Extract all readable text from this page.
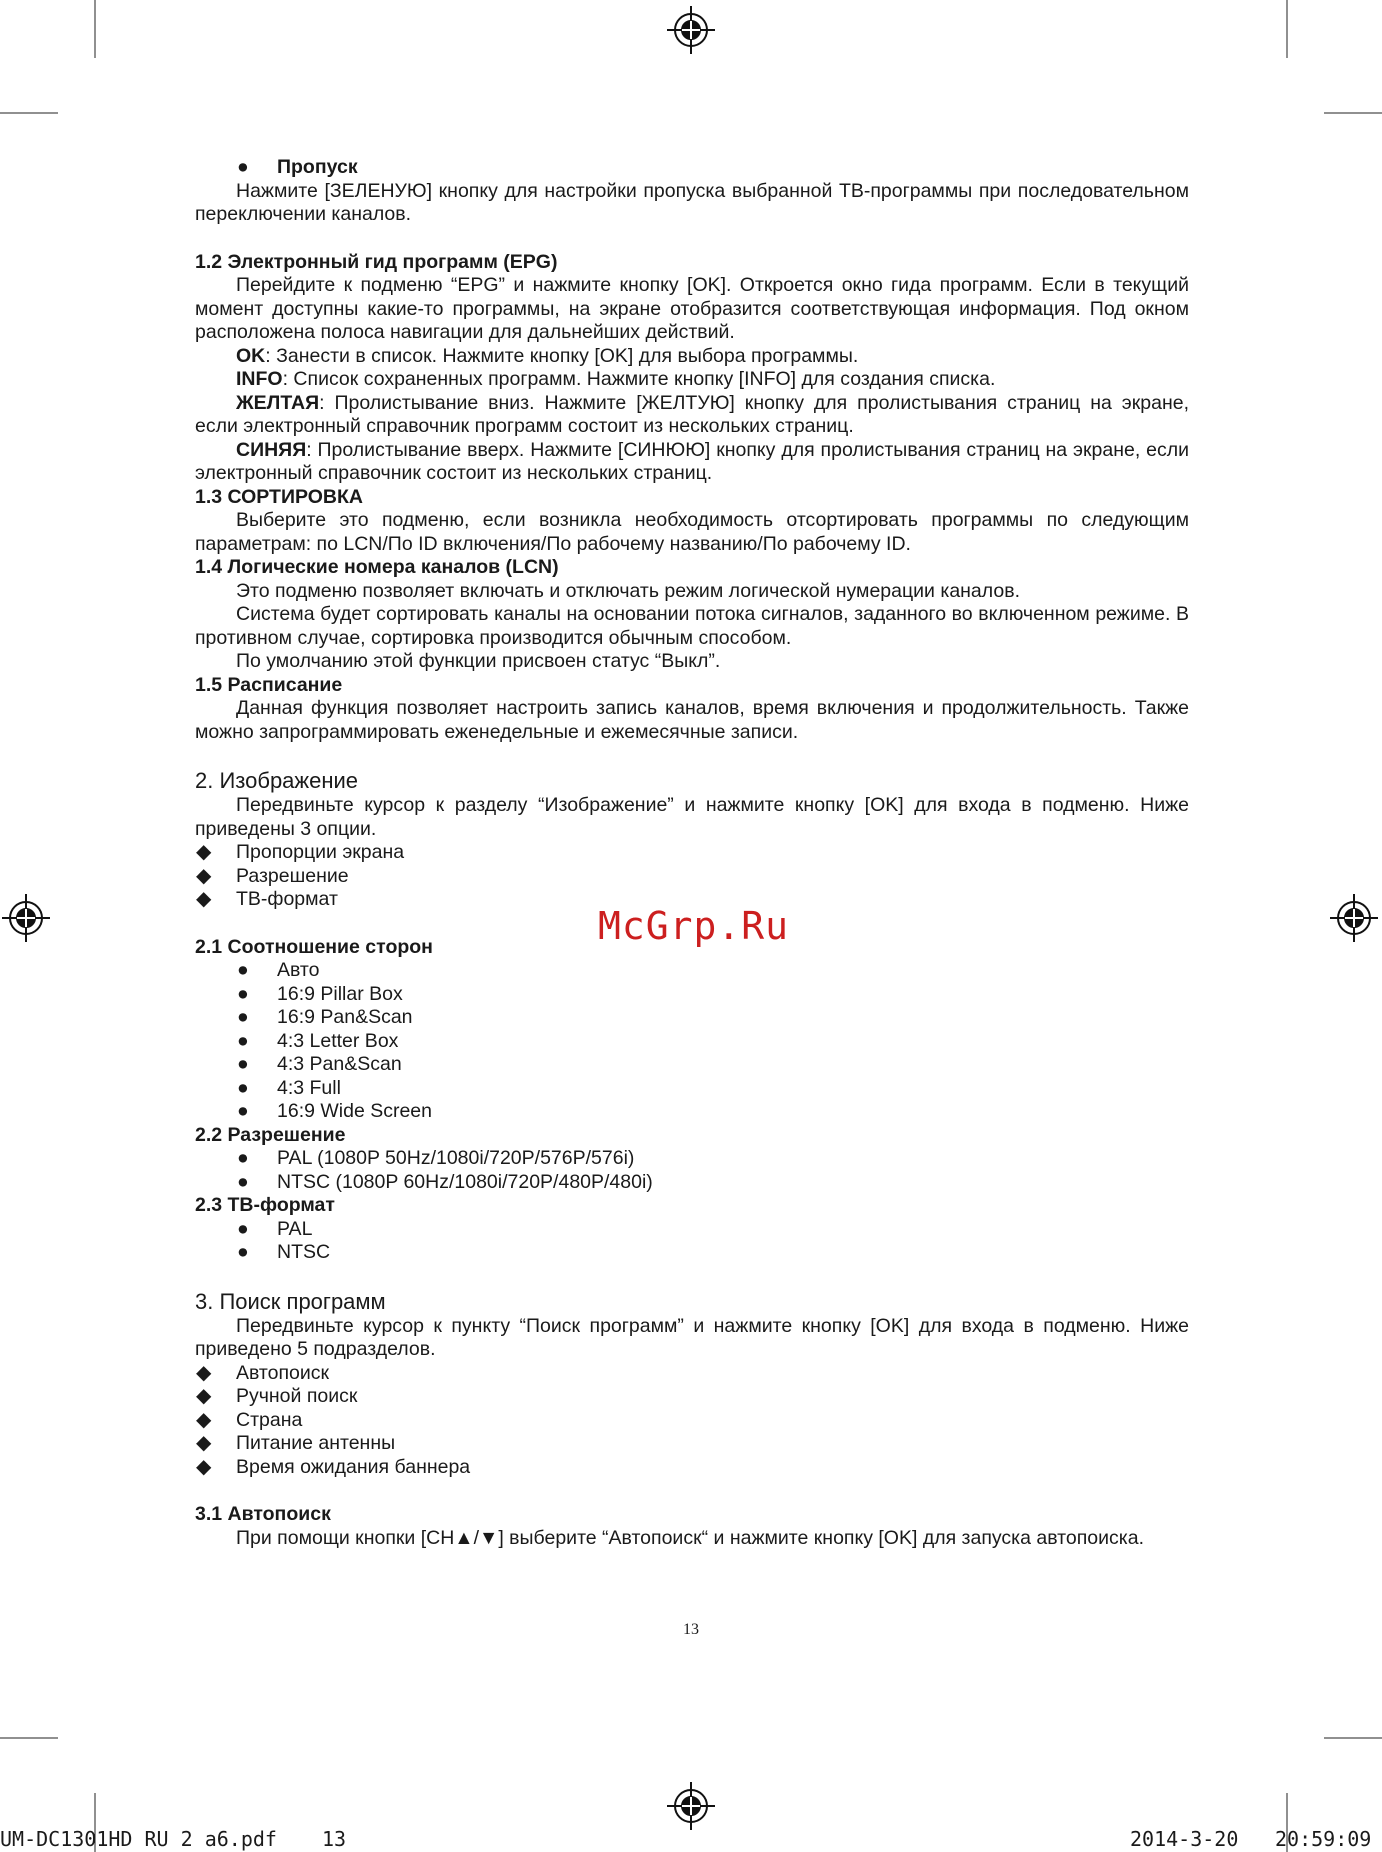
● Пропуск

Нажмите [ЗЕЛЕНУЮ] кнопку для настройки пропуска выбранной ТВ-программы при последовательном переключении каналов.

1.2 Электронный гид программ (EPG)

Перейдите к подменю “EPG” и нажмите кнопку [OK]. Откроется окно гида программ. Если в текущий момент доступны какие-то программы, на экране отобразится соответствующая информация. Под окном расположена полоса навигации для дальнейших действий.

OK: Занести в список. Нажмите кнопку [OK] для выбора программы.

INFO: Список сохраненных программ. Нажмите кнопку [INFO] для создания списка.

ЖЕЛТАЯ: Пролистывание вниз. Нажмите [ЖЕЛТУЮ] кнопку для пролистывания страниц на экране, если электронный справочник программ состоит из нескольких страниц.

СИНЯЯ: Пролистывание вверх. Нажмите [СИНЮЮ] кнопку для пролистывания страниц на экране, если электронный справочник состоит из нескольких страниц.

1.3 СОРТИРОВКА

Выберите это подменю, если возникла необходимость отсортировать программы по следующим параметрам: по LCN/По ID включения/По рабочему названию/По рабочему ID.

1.4 Логические номера каналов (LCN)

Это подменю позволяет включать и отключать режим логической нумерации каналов.

Система будет сортировать каналы на основании потока сигналов, заданного во включенном режиме. В противном случае, сортировка производится обычным способом.

По умолчанию этой функции присвоен статус “Выкл”.

1.5 Расписание

Данная функция позволяет настроить запись каналов, время включения и продолжительность. Также можно запрограммировать еженедельные и ежемесячные записи.

2. Изображение

Передвиньте курсор к разделу “Изображение” и нажмите кнопку [OK] для входа в подменю. Ниже приведены 3 опции.

◆ Пропорции экрана

◆ Разрешение

◆ ТВ-формат

2.1 Соотношение сторон

● Авто

● 16:9 Pillar Box

● 16:9 Pan&Scan

● 4:3 Letter Box

● 4:3 Pan&Scan

● 4:3 Full

● 16:9 Wide Screen

2.2 Разрешение

● PAL (1080P 50Hz/1080i/720P/576P/576i)

● NTSC (1080P 60Hz/1080i/720P/480P/480i)

2.3 ТВ-формат

● PAL

● NTSC

3. Поиск программ

Передвиньте курсор к пункту “Поиск программ” и нажмите кнопку [OK] для входа в подменю. Ниже приведено 5 подразделов.

◆ Автопоиск

◆ Ручной поиск

◆ Страна

◆ Питание антенны

◆ Время ожидания баннера

3.1 Автопоиск

При помощи кнопки [CH▲/▼] выберите “Автопоиск“ и нажмите кнопку [OK] для запуска автопоиска.

McGrp.Ru
13
UM-DC1301HD RU 2 a6.pdf 13	2014-3-20 20:59:09
